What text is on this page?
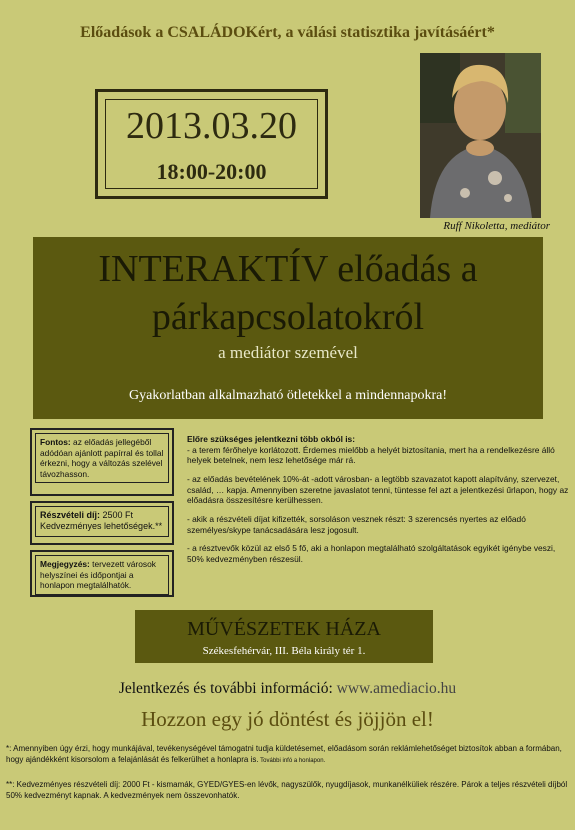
Előadások a CSALÁDOKért, a válási statisztika javításáért*
2013.03.20
18:00-20:00
Ruff Nikoletta, mediátor
INTERAKTÍV előadás a
párkapcsolatokról
a mediátor szemével
Gyakorlatban alkalmazható ötletekkel a mindennapokra!
Fontos: az előadás jellegéből adódóan ajánlott papírral és tollal érkezni, hogy a változás szelével távozhasson.
Részvételi díj: 2500 Ft
Kedvezményes lehetőségek.**
Megjegyzés: tervezett városok helyszínei és időpontjai a honlapon megtalálhatók.

Előre szükséges jelentkezni több okból is:

- a terem férőhelye korlátozott. Érdemes mielőbb a helyét biztosítania, mert ha a rendelkezésre álló helyek betelnek, nem lesz lehetősége már rá.

- az előadás bevételének 10%-át -adott városban- a legtöbb szavazatot kapott alapítvány, szervezet, család, … kapja. Amennyiben szeretne javaslatot tenni, tüntesse fel azt a jelentkezési űrlapon, hogy az előadásra összesítésre kerülhessen.

- akik a részvételi díjat kifizették, sorsoláson vesznek részt: 3 szerencsés nyertes az előadó személyes/skype tanácsadására lesz jogosult.

- a résztvevők közül az első 5 fő, aki a honlapon megtalálható szolgáltatások egyikét igénybe veszi, 50% kedvezményben részesül.

MŰVÉSZETEK HÁZA
Székesfehérvár, III. Béla király tér 1.
Jelentkezés és további információ: www.amediacio.hu
Hozzon egy jó döntést és jöjjön el!
*: Amennyiben úgy érzi, hogy munkájával, tevékenységével támogatni tudja küldetésemet, előadásom során reklámlehetőséget biztosítok abban a formában, hogy ajándékként kisorsolom a felajánlását és felkerülhet a honlapra is. További infó a honlapon.
**: Kedvezményes részvételi díj: 2000 Ft - kismamák, GYED/GYES-en lévők, nagyszülők, nyugdíjasok, munkanélküliek részére. Párok a teljes részvételi díjból 50% kedvezményt kapnak. A kedvezmények nem összevonhatók.
